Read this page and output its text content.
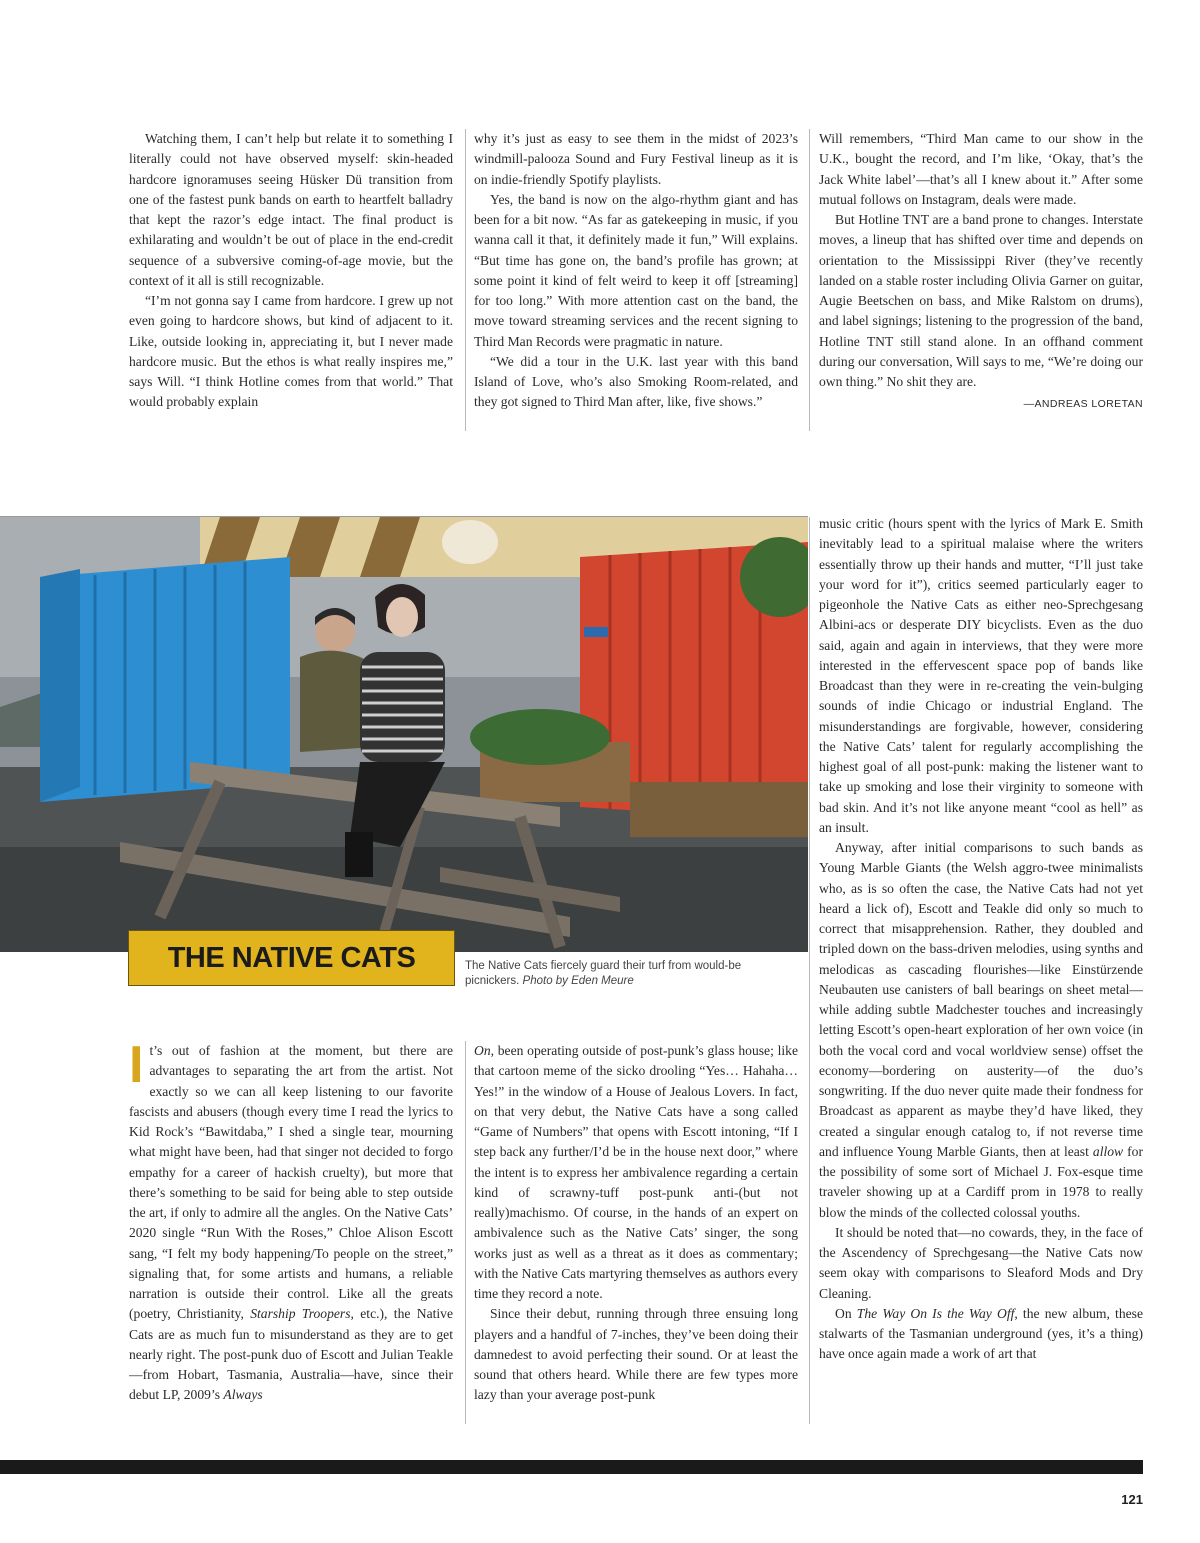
Watching them, I can’t help but relate it to something I literally could not have observed myself: skin-headed hardcore ignoramuses seeing Hüsker Dü transition from one of the fastest punk bands on earth to heartfelt balladry that kept the razor’s edge intact. The final product is exhilarating and wouldn’t be out of place in the end-credit sequence of a subversive coming-of-age movie, but the context of it all is still recognizable.

“I’m not gonna say I came from hardcore. I grew up not even going to hardcore shows, but kind of adjacent to it. Like, outside looking in, appreciating it, but I never made hardcore music. But the ethos is what really inspires me,” says Will. “I think Hotline comes from that world.” That would probably explain

why it’s just as easy to see them in the midst of 2023’s windmill-palooza Sound and Fury Festival lineup as it is on indie-friendly Spotify playlists.

Yes, the band is now on the algo-rhythm giant and has been for a bit now. “As far as gatekeeping in music, if you wanna call it that, it definitely made it fun,” Will explains. “But time has gone on, the band’s profile has grown; at some point it kind of felt weird to keep it off [streaming] for too long.” With more attention cast on the band, the move toward streaming services and the recent signing to Third Man Records were pragmatic in nature.

“We did a tour in the U.K. last year with this band Island of Love, who’s also Smoking Room-related, and they got signed to Third Man after, like, five shows.”

Will remembers, “Third Man came to our show in the U.K., bought the record, and I’m like, ‘Okay, that’s the Jack White label’—that’s all I knew about it.” After some mutual follows on Instagram, deals were made.

But Hotline TNT are a band prone to changes. Interstate moves, a lineup that has shifted over time and depends on orientation to the Mississippi River (they’ve recently landed on a stable roster including Olivia Garner on guitar, Augie Beetschen on bass, and Mike Ralstom on drums), and label signings; listening to the progression of the band, Hotline TNT still stand alone. In an offhand comment during our conversation, Will says to me, “We’re doing our own thing.” No shit they are.

—ANDREAS LORETAN
THE NATIVE CATS	The Native Cats fiercely guard their turf from would-be picnickers. Photo by Eden Meure

It’s out of fashion at the moment, but there are advantages to separating the art from the artist. Not exactly so we can all keep listening to our favorite fascists and abusers (though every time I read the lyrics to Kid Rock’s “Bawitdaba,” I shed a single tear, mourning what might have been, had that singer not decided to forgo empathy for a career of hackish cruelty), but more that there’s something to be said for being able to step outside the art, if only to admire all the angles. On the Native Cats’ 2020 single “Run With the Roses,” Chloe Alison Escott sang, “I felt my body happening/To people on the street,” signaling that, for some artists and humans, a reliable narration is outside their control. Like all the greats (poetry, Christianity, Starship Troopers, etc.), the Native Cats are as much fun to misunderstand as they are to get nearly right. The post-punk duo of Escott and Julian Teakle—from Hobart, Tasmania, Australia—have, since their debut LP, 2009’s Always

On, been operating outside of post-punk’s glass house; like that cartoon meme of the sicko drooling “Yes… Hahaha… Yes!” in the window of a House of Jealous Lovers. In fact, on that very debut, the Native Cats have a song called “Game of Numbers” that opens with Escott intoning, “If I step back any further/I’d be in the house next door,” where the intent is to express her ambivalence regarding a certain kind of scrawny-tuff post-punk anti-(but not really)machismo. Of course, in the hands of an expert on ambivalence such as the Native Cats’ singer, the song works just as well as a threat as it does as commentary; with the Native Cats martyring themselves as authors every time they record a note.

Since their debut, running through three ensuing long players and a handful of 7-inches, they’ve been doing their damnedest to avoid perfecting their sound. Or at least the sound that others heard. While there are few types more lazy than your average post-punk

music critic (hours spent with the lyrics of Mark E. Smith inevitably lead to a spiritual malaise where the writers essentially throw up their hands and mutter, “I’ll just take your word for it”), critics seemed particularly eager to pigeonhole the Native Cats as either neo-Sprechgesang Albini-acs or desperate DIY bicyclists. Even as the duo said, again and again in interviews, that they were more interested in the effervescent space pop of bands like Broadcast than they were in re-creating the vein-bulging sounds of indie Chicago or industrial England. The misunderstandings are forgivable, however, considering the Native Cats’ talent for regularly accomplishing the highest goal of all post-punk: making the listener want to take up smoking and lose their virginity to someone with bad skin. And it’s not like anyone meant “cool as hell” as an insult.

Anyway, after initial comparisons to such bands as Young Marble Giants (the Welsh aggro-twee minimalists who, as is so often the case, the Native Cats had not yet heard a lick of), Escott and Teakle did only so much to correct that misapprehension. Rather, they doubled and tripled down on the bass-driven melodies, using synths and melodicas as cascading flourishes—like Einstürzende Neubauten use canisters of ball bearings on sheet metal—while adding subtle Madchester touches and increasingly letting Escott’s open-heart exploration of her own voice (in both the vocal cord and vocal worldview sense) offset the economy—bordering on austerity—of the duo’s songwriting. If the duo never quite made their fondness for Broadcast as apparent as maybe they’d have liked, they created a singular enough catalog to, if not reverse time and influence Young Marble Giants, then at least allow for the possibility of some sort of Michael J. Fox-esque time traveler showing up at a Cardiff prom in 1978 to really blow the minds of the collected colossal youths.

It should be noted that—no cowards, they, in the face of the Ascendency of Sprechgesang—the Native Cats now seem okay with comparisons to Sleaford Mods and Dry Cleaning.

On The Way On Is the Way Off, the new album, these stalwarts of the Tasmanian underground (yes, it’s a thing) have once again made a work of art that

121
